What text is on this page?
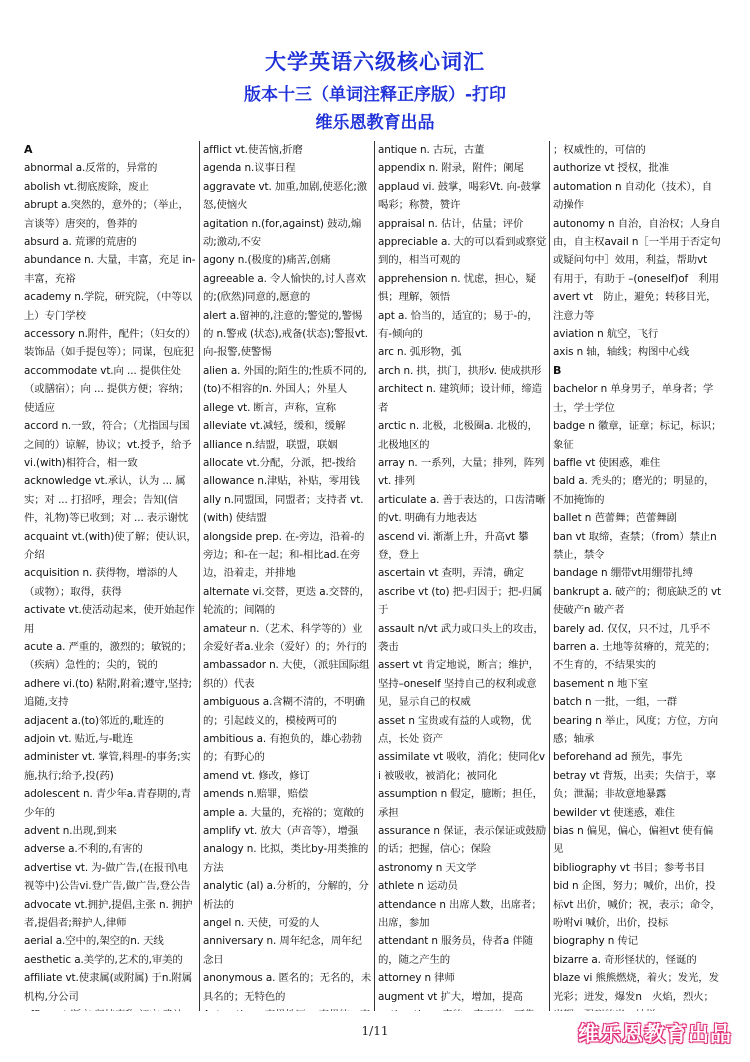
大学英语六级核心词汇
版本十三（单词注释正序版）-打印
维乐恩教育出品

A

abnormal a.反常的，异常的

abolish vt.彻底废除，废止

abrupt a.突然的，意外的；（举止，言谈等）唐突的，鲁莽的

absurd a. 荒谬的荒唐的

abundance n. 大量，丰富，充足 in-丰富，充裕

academy n.学院，研究院，（中等以上）专门学校

accessory n.附件，配件；（妇女的）装饰品（如手提包等）；同谋，包庇犯

accommodate vt.向 ... 提供住处（或膳宿）；向 ... 提供方便；容纳；使适应

accord n.一致，符合；（尤指国与国之间的）谅解，协议；vt.授予，给予vi.(with)相符合，相一致

acknowledge vt.承认，认为 ... 属实；对 ... 打招呼，理会；告知(信件，礼物)等已收到；对 ... 表示谢忱

acquaint vt.(with)使了解；使认识，介绍

acquisition n. 获得物，增添的人（或物）；取得，获得

activate vt.使活动起来，使开始起作用

acute a. 严重的，激烈的；敏锐的；（疾病）急性的；尖的，锐的

adhere vi.(to) 粘附,附着;遵守,坚持;追随,支持

adjacent a.(to)邻近的,毗连的

adjoin vt. 贴近,与-毗连

administer vt. 掌管,料理-的事务;实施,执行;给予,投(药)

adolescent n. 青少年a.青春期的,青少年的

advent n.出现,到来

adverse a.不利的,有害的

advertise vt. 为-做广告,(在报刊\电视等中)公告vi.登广告,做广告,登公告

advocate vt.拥护,提倡,主张 n. 拥护者,提倡者;辩护人,律师

aerial a.空中的,架空的n. 天线

aesthetic a.美学的,艺术的,审美的

affiliate vt.使隶属(或附属) 于n.附属机构,分公司

afflict vt.使苦恼,折磨

agenda n.议事日程

aggravate vt. 加重,加剧,使恶化;激怒,使恼火

agitation n.(for,against) 鼓动,煽动;激动,不安

agony n.(极度的)痛苦,创痛

agreeable a. 令人愉快的,讨人喜欢的;(欣然)同意的,愿意的

alert a.留神的,注意的;警觉的,警惕的 n.警戒 (状态),戒备(状态);警报vt.向-报警,使警惕

alien a. 外国的;陌生的;性质不同的,(to)不相容的n. 外国人；外星人

allege vt. 断言，声称，宣称

alleviate vt.减轻，缓和，缓解

alliance n.结盟，联盟，联姻

allocate vt.分配，分派，把-拨给

allowance n.津贴，补贴，零用钱

ally n.同盟国，同盟者；支持者 vt.(with) 使结盟

alongside prep. 在-旁边，沿着-的旁边；和-在一起；和-相比ad.在旁边，沿着走，并排地

alternate vi.交替，更迭 a.交替的，轮流的；间隔的

amateur n.（艺术、科学等的）业余爱好者a.业余（爱好）的；外行的

ambassador n. 大使，（派驻国际组织的）代表

ambiguous a.含糊不清的，不明确的；引起歧义的，模棱两可的

ambitious a. 有抱负的，雄心勃勃的；有野心的

amend vt. 修改，修订

amends n.赔罪，赔偿

ample a. 大量的，充裕的；宽敞的

amplify vt. 放大（声音等），增强

analogy n. 比拟，类比by-用类推的方法

analytic (al) a.分析的，分解的，分析法的

angel n. 天使，可爱的人

anniversary n. 周年纪念，周年纪念日

anonymous a. 匿名的；无名的，未具名的；无特色的

antique n. 古玩，古董

appendix n. 附录，附件；阑尾

applaud vi. 鼓掌，喝彩Vt. 向-鼓掌喝彩；称赞，赞许

appraisal n. 估计，估量；评价

appreciable a. 大的可以看到或察觉到的，相当可观的

apprehension n. 忧虑，担心，疑惧；理解，领悟

apt a. 恰当的，适宜的；易于-的，有-倾向的

arc n. 弧形物，弧

arch n. 拱，拱门，拱形v. 使成拱形

architect n. 建筑师；设计师，缔造者

arctic n. 北极，北极圈a. 北极的，北极地区的

array n. 一系列，大量；排列，阵列vt. 排列

articulate a. 善于表达的，口齿清晰的vt. 明确有力地表达

ascend vi. 渐渐上升，升高vt 攀登，登上

ascertain vt 查明，弄清，确定

ascribe vt (to) 把-归因于；把-归属于

assault n/vt 武力或口头上的攻击，袭击

assert vt 肯定地说，断言；维护，坚持–oneself 坚持自己的权利或意见，显示自己的权威

asset n 宝贵或有益的人或物，优点，长处 资产

assimilate vt 吸收，消化；使同化vi 被吸收，被消化；被同化

assumption n 假定，臆断；担任，承担

assurance n 保证，表示保证或鼓励的话；把握，信心；保险

astronomy n 天文学

athlete n 运动员

attendance n 出席人数，出席者；出席，参加

attendant n 服务员，侍者a 伴随的，随之产生的

attorney n 律师

augment vt 扩大，增加，提高

；权威性的，可信的

authorize vt 授权，批准

automation n 自动化（技术），自动操作

autonomy n 自治，自治权；人身自由，自主权avail n［一半用于否定句或疑问句中］效用，利益，帮助vt　有用于，有助于 –(oneself)of　利用

avert vt　防止，避免；转移目光，注意力等

aviation n 航空，飞行

axis n 轴，轴线；构图中心线

B

bachelor n 单身男子，单身者；学士，学士学位

badge n 徽章，证章；标记，标识；象征

baffle vt 使困惑，难住

bald a. 秃头的；磨光的；明显的，不加掩饰的

ballet n 芭蕾舞；芭蕾舞剧

ban vt 取缔，查禁；（from）禁止n 禁止，禁令

bandage n 绷带vt用绷带扎缚

bankrupt a. 破产的；彻底缺乏的 vt 使破产n 破产者

barely ad. 仅仅，只不过，几乎不

barren a. 土地等贫瘠的，荒芜的；不生育的，不结果实的

basement n 地下室

batch n 一批，一组，一群

bearing n 举止，风度；方位，方向感；轴承

beforehand ad 预先，事先

betray vt 背叛，出卖；失信于，辜负；泄漏；非故意地暴露

bewilder vt 使迷惑，难住

bias n 偏见，偏心，偏袒vt 使有偏见

bibliography vt 书目；参考书目

bid n 企图，努力；喊价，出价，投标vt 出价，喊价；祝，表示；命令，吩咐vi 喊价，出价，投标

biography n 传记

bizarre a. 奇形怪状的，怪诞的

blaze vi 熊熊燃烧，着火；发光，发光彩；迸发，爆发n　火焰，烈火；

1/11	维乐恩教育出品
